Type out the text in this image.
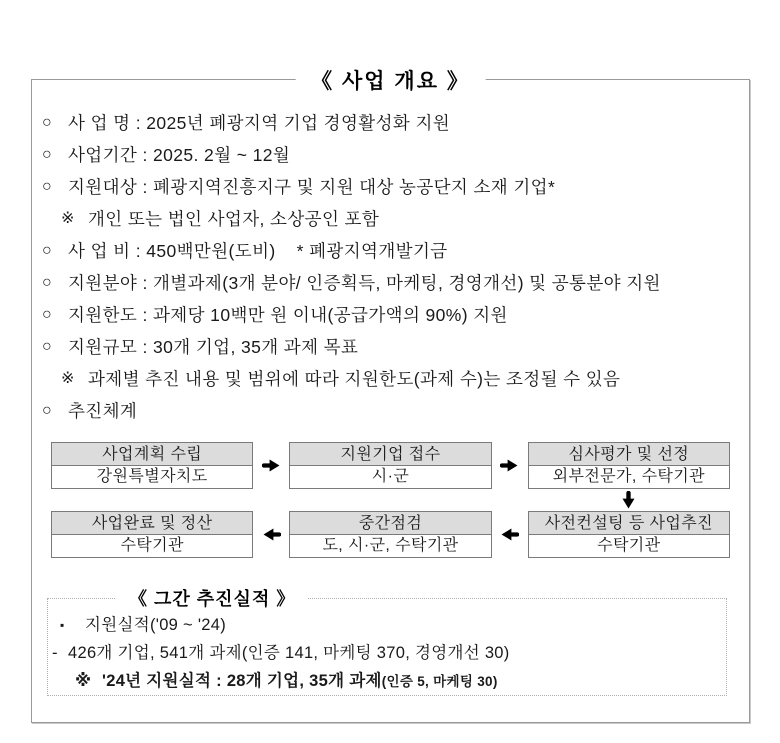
《 사업 개요 》
○ 사 업 명 : 2025년 폐광지역 기업 경영활성화 지원
○ 사업기간 : 2025. 2월 ~ 12월
○ 지원대상 : 폐광지역진흥지구 및 지원 대상 농공단지 소재 기업*
※ 개인 또는 법인 사업자, 소상공인 포함
○ 사 업 비 : 450백만원(도비)    * 폐광지역개발기금
○ 지원분야 : 개별과제(3개 분야/ 인증획득, 마케팅, 경영개선) 및 공통분야 지원
○ 지원한도 : 과제당 10백만 원 이내(공급가액의 90%) 지원
○ 지원규모 : 30개 기업, 35개 과제 목표
※ 과제별 추진 내용 및 범위에 따라 지원한도(과제 수)는 조정될 수 있음
○ 추진체계
사업계획 수립
강원특별자치도
지원기업 접수
시·군
심사평가 및 선정
외부전문가, 수탁기관
사업완료 및 정산
수탁기관
중간점검
도, 시·군, 수탁기관
사전컨설팅 등 사업추진
수탁기관
《 그간 추진실적 》
▪ 지원실적('09 ~ '24)
- 426개 기업, 541개 과제(인증 141, 마케팅 370, 경영개선 30)
※ '24년 지원실적 : 28개 기업, 35개 과제(인증 5, 마케팅 30)
